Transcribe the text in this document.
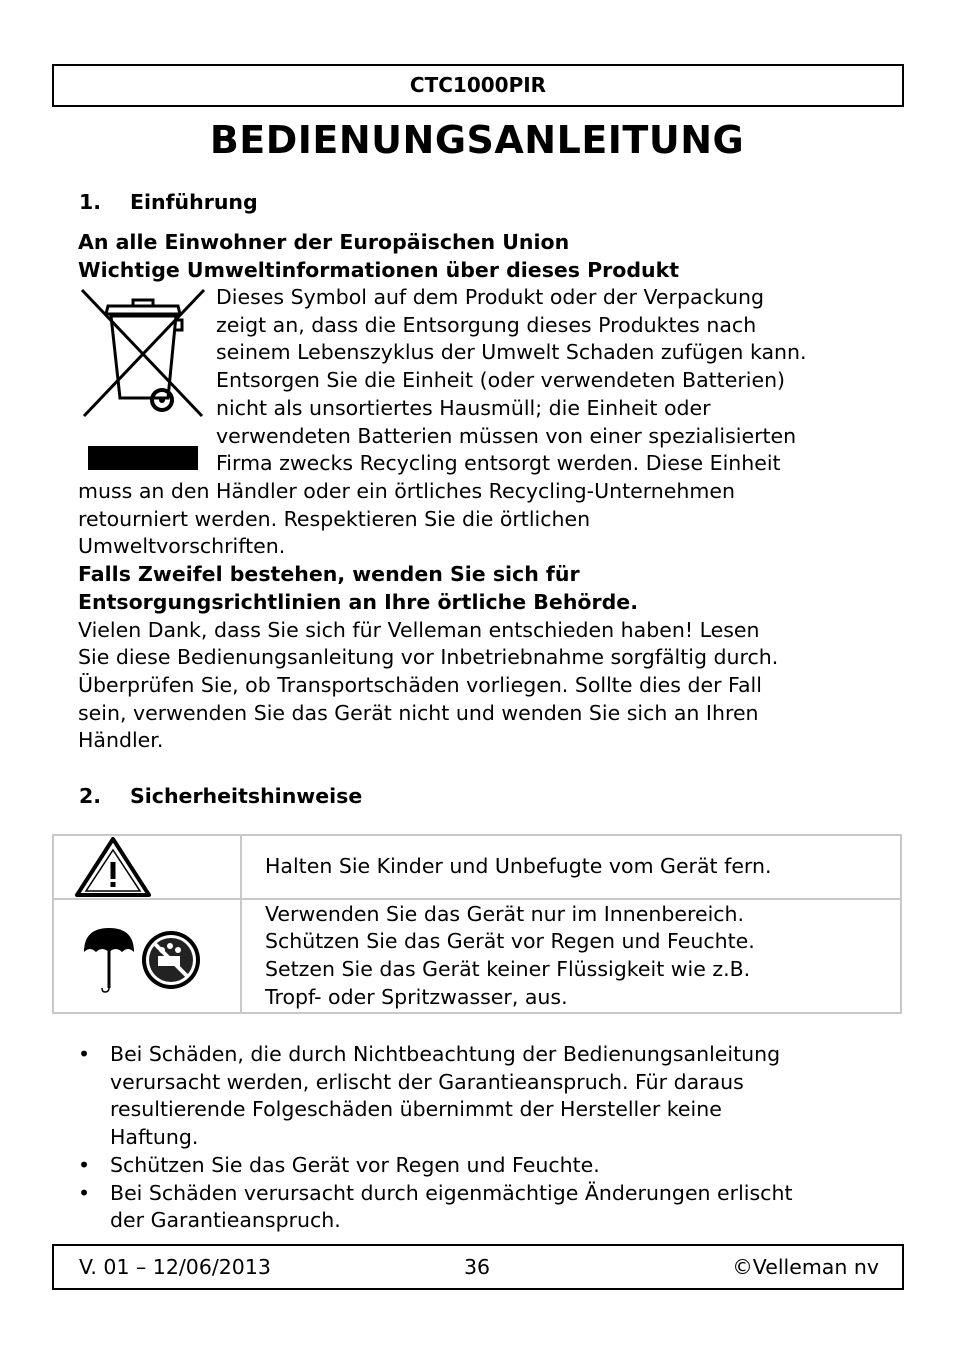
CTC1000PIR
BEDIENUNGSANLEITUNG
1. Einführung
An alle Einwohner der Europäischen Union
Wichtige Umweltinformationen über dieses Produkt
Dieses Symbol auf dem Produkt oder der Verpackung
zeigt an, dass die Entsorgung dieses Produktes nach
seinem Lebenszyklus der Umwelt Schaden zufügen kann.
Entsorgen Sie die Einheit (oder verwendeten Batterien)
nicht als unsortiertes Hausmüll; die Einheit oder
verwendeten Batterien müssen von einer spezialisierten
Firma zwecks Recycling entsorgt werden. Diese Einheit
muss an den Händler oder ein örtliches Recycling-Unternehmen
retourniert werden. Respektieren Sie die örtlichen
Umweltvorschriften.
Falls Zweifel bestehen, wenden Sie sich für
Entsorgungsrichtlinien an Ihre örtliche Behörde.
Vielen Dank, dass Sie sich für Velleman entschieden haben! Lesen
Sie diese Bedienungsanleitung vor Inbetriebnahme sorgfältig durch.
Überprüfen Sie, ob Transportschäden vorliegen. Sollte dies der Fall
sein, verwenden Sie das Gerät nicht und wenden Sie sich an Ihren
Händler.
2. Sicherheitshinweise

Halten Sie Kinder und Unbefugte vom Gerät fern.

Verwenden Sie das Gerät nur im Innenbereich.
Schützen Sie das Gerät vor Regen und Feuchte.
Setzen Sie das Gerät keiner Flüssigkeit wie z.B.
Tropf- oder Spritzwasser, aus.
• Bei Schäden, die durch Nichtbeachtung der Bedienungsanleitung
verursacht werden, erlischt der Garantieanspruch. Für daraus
resultierende Folgeschäden übernimmt der Hersteller keine
Haftung.
• Schützen Sie das Gerät vor Regen und Feuchte.
• Bei Schäden verursacht durch eigenmächtige Änderungen erlischt
der Garantieanspruch.
V. 01 – 12/06/2013	36	©Velleman nv
